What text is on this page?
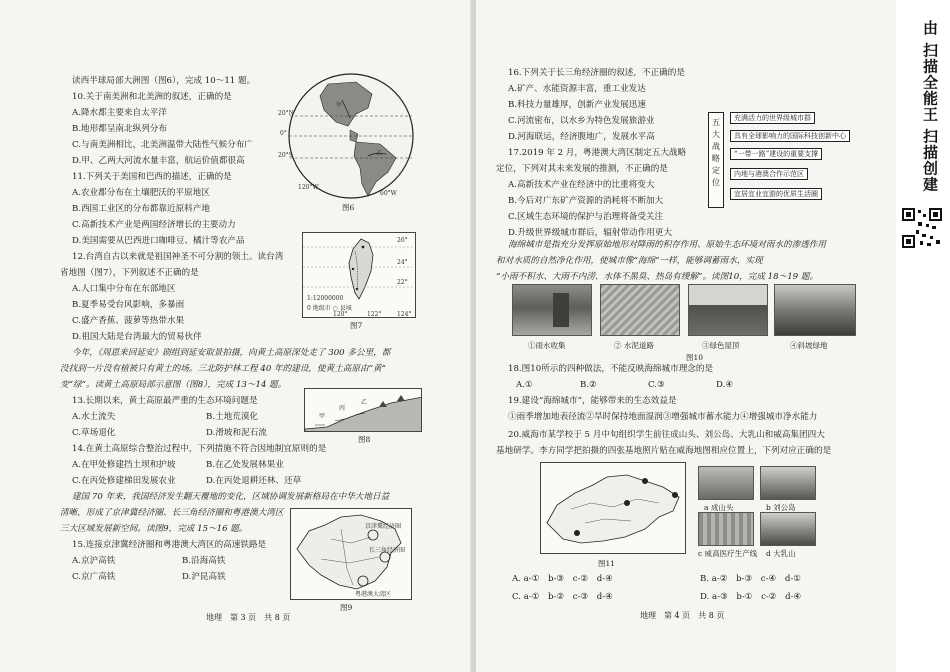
读西半球局部大洲图（图6），完成 10～11 题。
10.关于南美洲和北美洲的叙述，正确的是
A.降水都主要来自太平洋
B.地形都呈南北纵列分布
C.与南美洲相比，北美洲温带大陆性气候分布广
D.甲、乙两大河流水量丰富，航运价值都很高
11.下列关于美国和巴西的描述，正确的是
A.农业都分布在土壤肥沃的平原地区
B.西国工业区的分布都靠近原料产地
C.高新技术产业是两国经济增长的主要动力
D.美国需要从巴西进口咖啡豆、橘汁等农产品
甲
乙
20°N
0°
20°S
120°W
60°W
图6
12.台湾自古以来就是祖国神圣不可分割的领土。读台湾
省地图（图7），下列叙述不正确的是
A.人口集中分布在东部地区
B.夏季易受台风影响，多暴雨
C.盛产香蕉、菠萝等热带水果
D.祖国大陆是台湾最大的贸易伙伴
26°
24°
22°
1:12000000
0 地级市 ○ 县城
120°	122°	124°
图7
今年，《周恩来回延安》剧组到延安取景拍摄，向黄土高原深处走了 300 多公里，都
没找到一片没有植被只有黄土的场。三北防护林工程 40 年的建设，使黄土高原由“黄”
变“绿”。读黄土高原局部示意图（图8），完成 13～14 题。
13.长期以来，黄土高原最严重的生态环境问题是
A.水土流失	B.土地荒漠化
C.草场退化	D.滑坡和泥石流
甲
乙
丙
图8
14.在黄土高原综合整治过程中，下列措施不符合因地制宜原则的是
A.在甲处修建挡土坝和护坡	B.在乙处发展林果业
C.在丙处修建梯田发展农业	D.在丙处退耕还林、还草
建国 70 年来，我国经济发生翻天覆地的变化，区域协调发展新格局在中华大地日益
清晰，形成了京津冀经济圈、长三角经济圈和粤港澳大湾区
三大区域发展新空间。读图9，完成 15～16 题。
15.连接京津冀经济圈和粤港澳大湾区的高速铁路是
A.京沪高铁	B.沿海高铁
C.京广高铁	D.沪昆高铁
京津冀经济圈
长三角经济圈
粤港澳大湾区
图9
地理　第 3 页　共 8 页
16.下列关于长三角经济圈的叙述，不正确的是
A.矿产、水能资源丰富，重工业发达
B.科技力量雄厚，创新产业发展迅速
C.河流密布，以水乡为特色发展旅游业
D.河海联运，经济腹地广，发展水平高
17.2019 年 2 月，粤港澳大湾区制定五大战略
定位，下列对其未来发展的推测，不正确的是
A.高新技术产业在经济中的比重将变大
B.今后对广东矿产资源的消耗将不断加大
C.区域生态环境的保护与治理将备受关注
D.升级世界级城市群后，辐射带动作用更大
五大战略定位
充满活力的世界级城市群
具有全球影响力的国际科技创新中心
“一带一路”建设的重要支撑
内地与港澳合作示范区
宜居宜业宜游的优质生活圈
海绵城市是指充分发挥原始地形对降雨的积存作用、原始生态环境对雨水的渗透作用
和对水质的自然净化作用，使城市像“海绵”一样，能够调蓄雨水，实现
“小雨不积水、大雨不内涝、水体不黑臭、热岛有缓解”。读图10，完成 18～19 题。
①雨水收集	② 水泥道路	③绿色屋顶	④斜坡绿地
图10
18.图10所示的四种做法，不能反映海绵城市理念的是
A.①	B.②	C.③	D.④
19.建设“海绵城市”，能够带来的生态效益是
①雨季增加地表径流②旱时保持地面湿润③增强城市蓄水能力④增强城市净水能力
20.威海市某学校于 5 月中旬组织学生前往成山头、刘公岛、大乳山和威高集团四大
基地研学。李方同学把拍摄的四张基地照片贴在威海地图相应位置上，下列对应正确的是
图11
a 成山头	b 刘公岛
c 威高医疗生产线 d 大乳山
A. a-①　b-③　c-②　d-④	B. a-②　b-③　c-④　d-①
C. a-①　b-②　c-③　d-④	D. a-③　b-①　c-②　d-④
地理　第 4 页　共 8 页
由 扫描全能王 扫描创建
